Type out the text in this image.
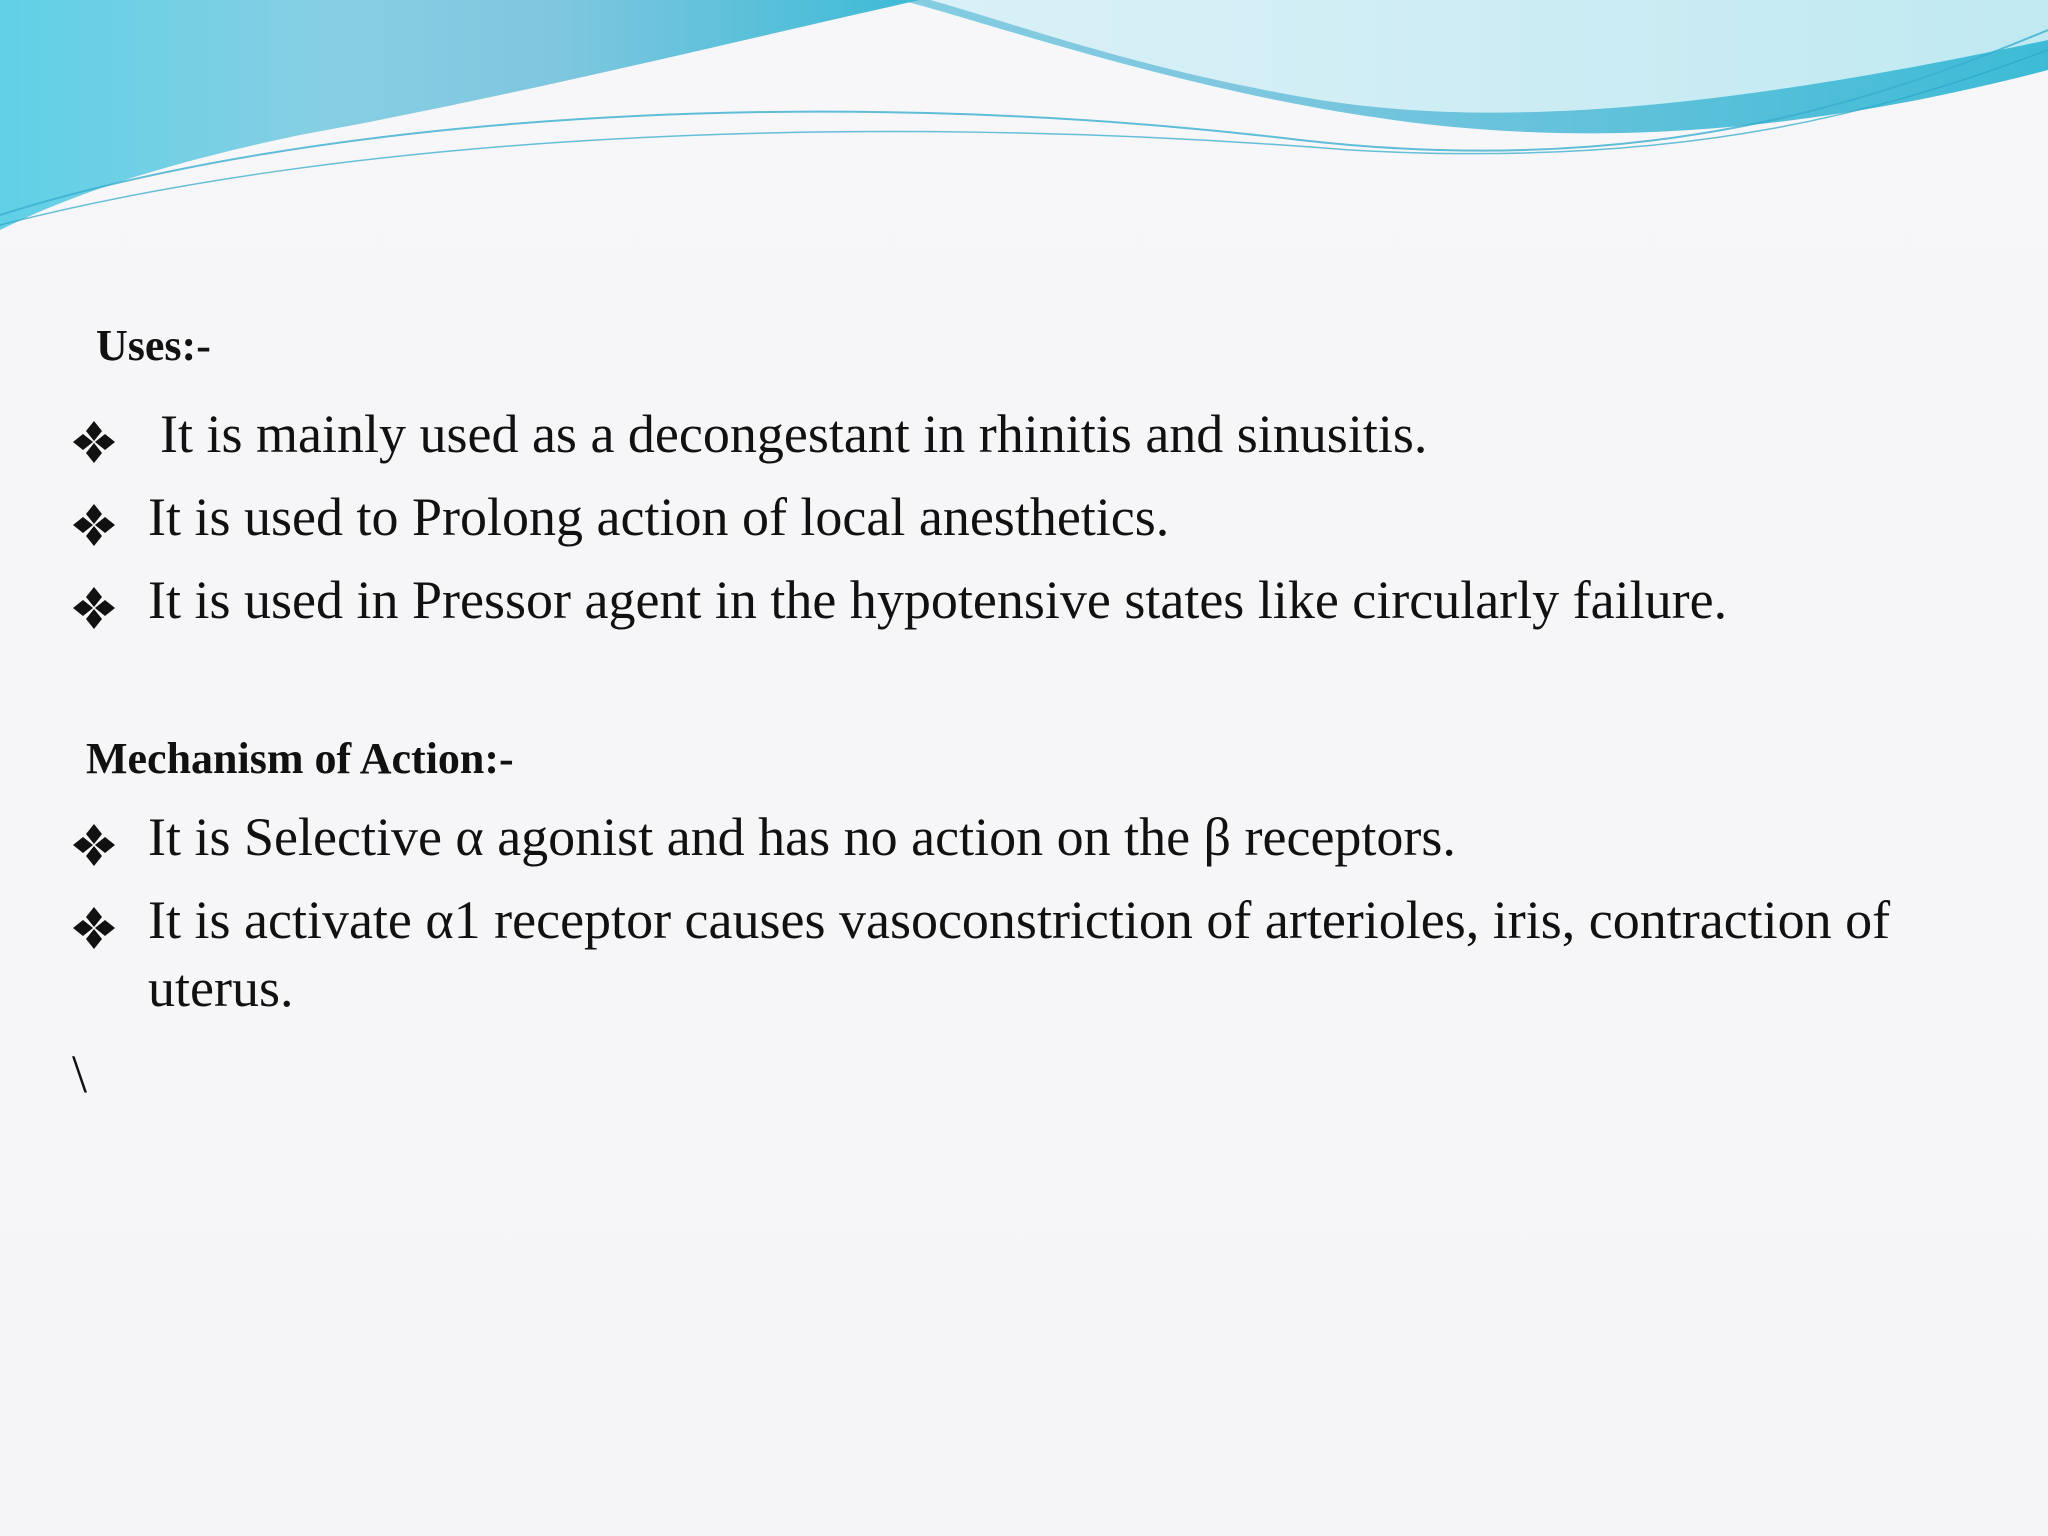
Uses:-
It is mainly used as a decongestant in rhinitis and sinusitis.
It is used to Prolong action of local anesthetics.
It is used in Pressor agent in the hypotensive states like circularly failure.
Mechanism of Action:-
It is Selective α agonist and has no action on the β receptors.
It is activate α1 receptor causes vasoconstriction of arterioles, iris, contraction of uterus.
\
